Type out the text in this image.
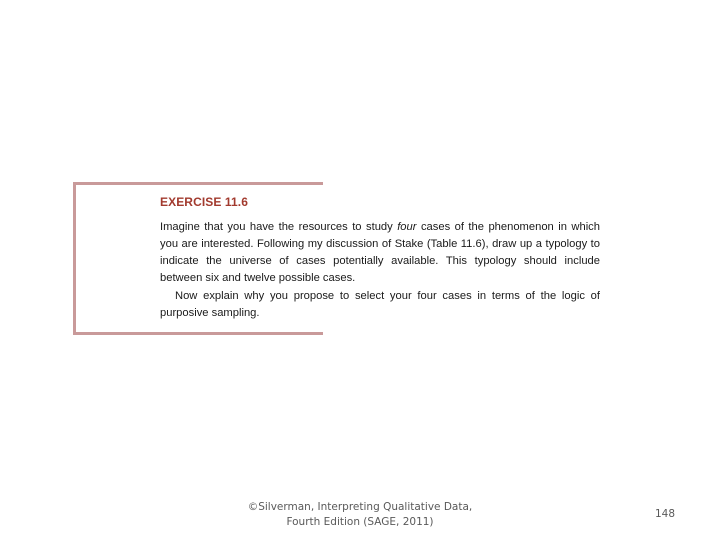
EXERCISE 11.6

Imagine that you have the resources to study four cases of the phenomenon in which you are interested. Following my discussion of Stake (Table 11.6), draw up a typology to indicate the universe of cases potentially available. This typology should include between six and twelve possible cases.

Now explain why you propose to select your four cases in terms of the logic of purposive sampling.

©Silverman, Interpreting Qualitative Data,
Fourth Edition (SAGE, 2011)
148
